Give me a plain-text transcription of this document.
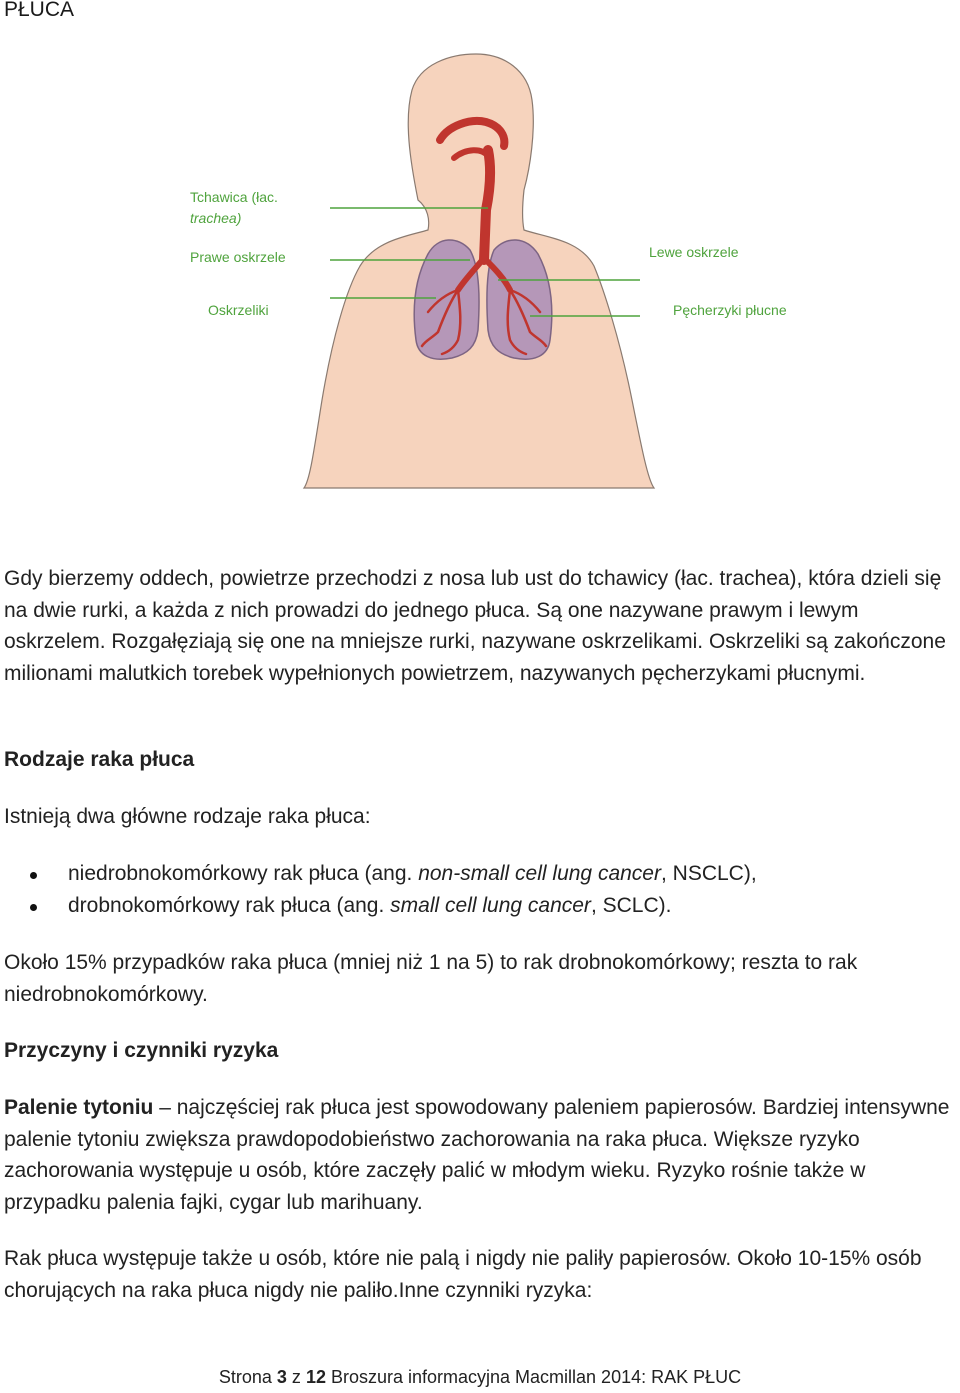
PŁUCA
Tchawica (łac.
trachea)
Prawe oskrzele	Lewe oskrzele
Oskrzeliki	Pęcherzyki płucne
Gdy bierzemy oddech, powietrze przechodzi z nosa lub ust do tchawicy (łac. trachea), która dzieli się na dwie rurki, a każda z nich prowadzi do jednego płuca. Są one nazywane prawym i lewym oskrzelem. Rozgałęziają się one na mniejsze rurki, nazywane oskrzelikami. Oskrzeliki są zakończone milionami malutkich torebek wypełnionych powietrzem, nazywanych pęcherzykami płucnymi.
Rodzaje raka płuca
Istnieją dwa główne rodzaje raka płuca:
niedrobnokomórkowy rak płuca (ang. non-small cell lung cancer, NSCLC),
drobnokomórkowy rak płuca (ang. small cell lung cancer, SCLC).
Około 15% przypadków raka płuca (mniej niż 1 na 5) to rak drobnokomórkowy; reszta to rak niedrobnokomórkowy.
Przyczyny i czynniki ryzyka
Palenie tytoniu – najczęściej rak płuca jest spowodowany paleniem papierosów. Bardziej intensywne palenie tytoniu zwiększa prawdopodobieństwo zachorowania na raka płuca. Większe ryzyko zachorowania występuje u osób, które zaczęły palić w młodym wieku. Ryzyko rośnie także w przypadku palenia fajki, cygar lub marihuany.
Rak płuca występuje także u osób, które nie palą i nigdy nie paliły papierosów. Około 10-15% osób chorujących na raka płuca nigdy nie paliło.Inne czynniki ryzyka:
Strona 3 z 12 Broszura informacyjna Macmillan 2014: RAK PŁUC
